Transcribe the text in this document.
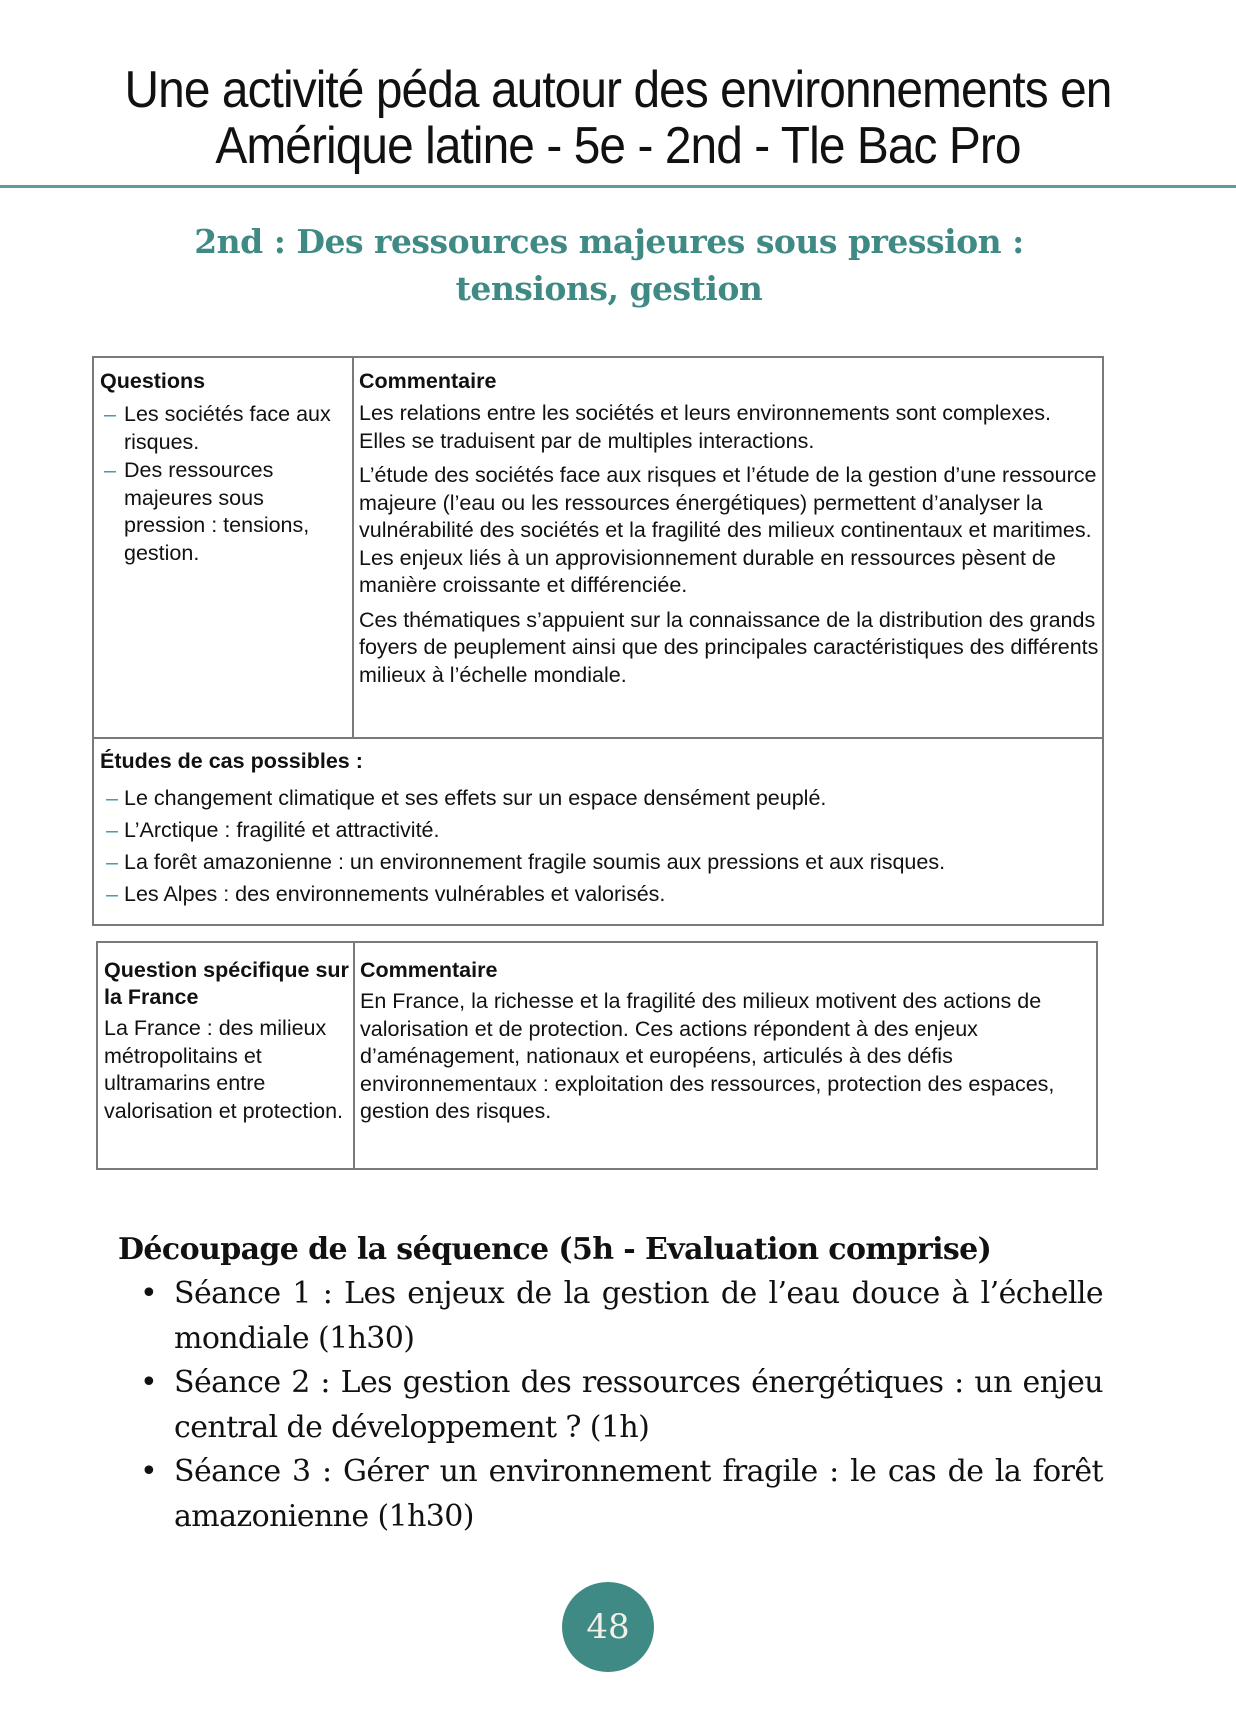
Une activité péda autour des environnements en
Amérique latine - 5e - 2nd - Tle Bac Pro
2nd : Des ressources majeures sous pression :
tensions, gestion
Questions
– Les sociétés face aux risques.
– Des ressources majeures sous pression : tensions, gestion.
Commentaire

Les relations entre les sociétés et leurs environnements sont complexes. Elles se traduisent par de multiples interactions.

L’étude des sociétés face aux risques et l’étude de la gestion d’une ressource majeure (l’eau ou les ressources énergétiques) permettent d’analyser la vulnérabilité des sociétés et la fragilité des milieux continentaux et maritimes. Les enjeux liés à un approvisionnement durable en ressources pèsent de manière croissante et différenciée.

Ces thématiques s’appuient sur la connaissance de la distribution des grands foyers de peuplement ainsi que des principales caractéristiques des différents milieux à l’échelle mondiale.

Études de cas possibles :
– Le changement climatique et ses effets sur un espace densément peuplé.
– L’Arctique : fragilité et attractivité.
– La forêt amazonienne : un environnement fragile soumis aux pressions et aux risques.
– Les Alpes : des environnements vulnérables et valorisés.
Question spécifique sur la France
La France : des milieux métropolitains et ultramarins entre valorisation et protection.
Commentaire
En France, la richesse et la fragilité des milieux motivent des actions de valorisation et de protection. Ces actions répondent à des enjeux d’aménagement, nationaux et européens, articulés à des défis environnementaux : exploitation des ressources, protection des espaces, gestion des risques.
Découpage de la séquence (5h - Evaluation comprise)
• Séance 1 : Les enjeux de la gestion de l’eau douce à l’échelle mondiale (1h30)
• Séance 2 : Les gestion des ressources énergétiques : un enjeu central de développement ? (1h)
• Séance 3 : Gérer un environnement fragile : le cas de la forêt amazonienne (1h30)
48
